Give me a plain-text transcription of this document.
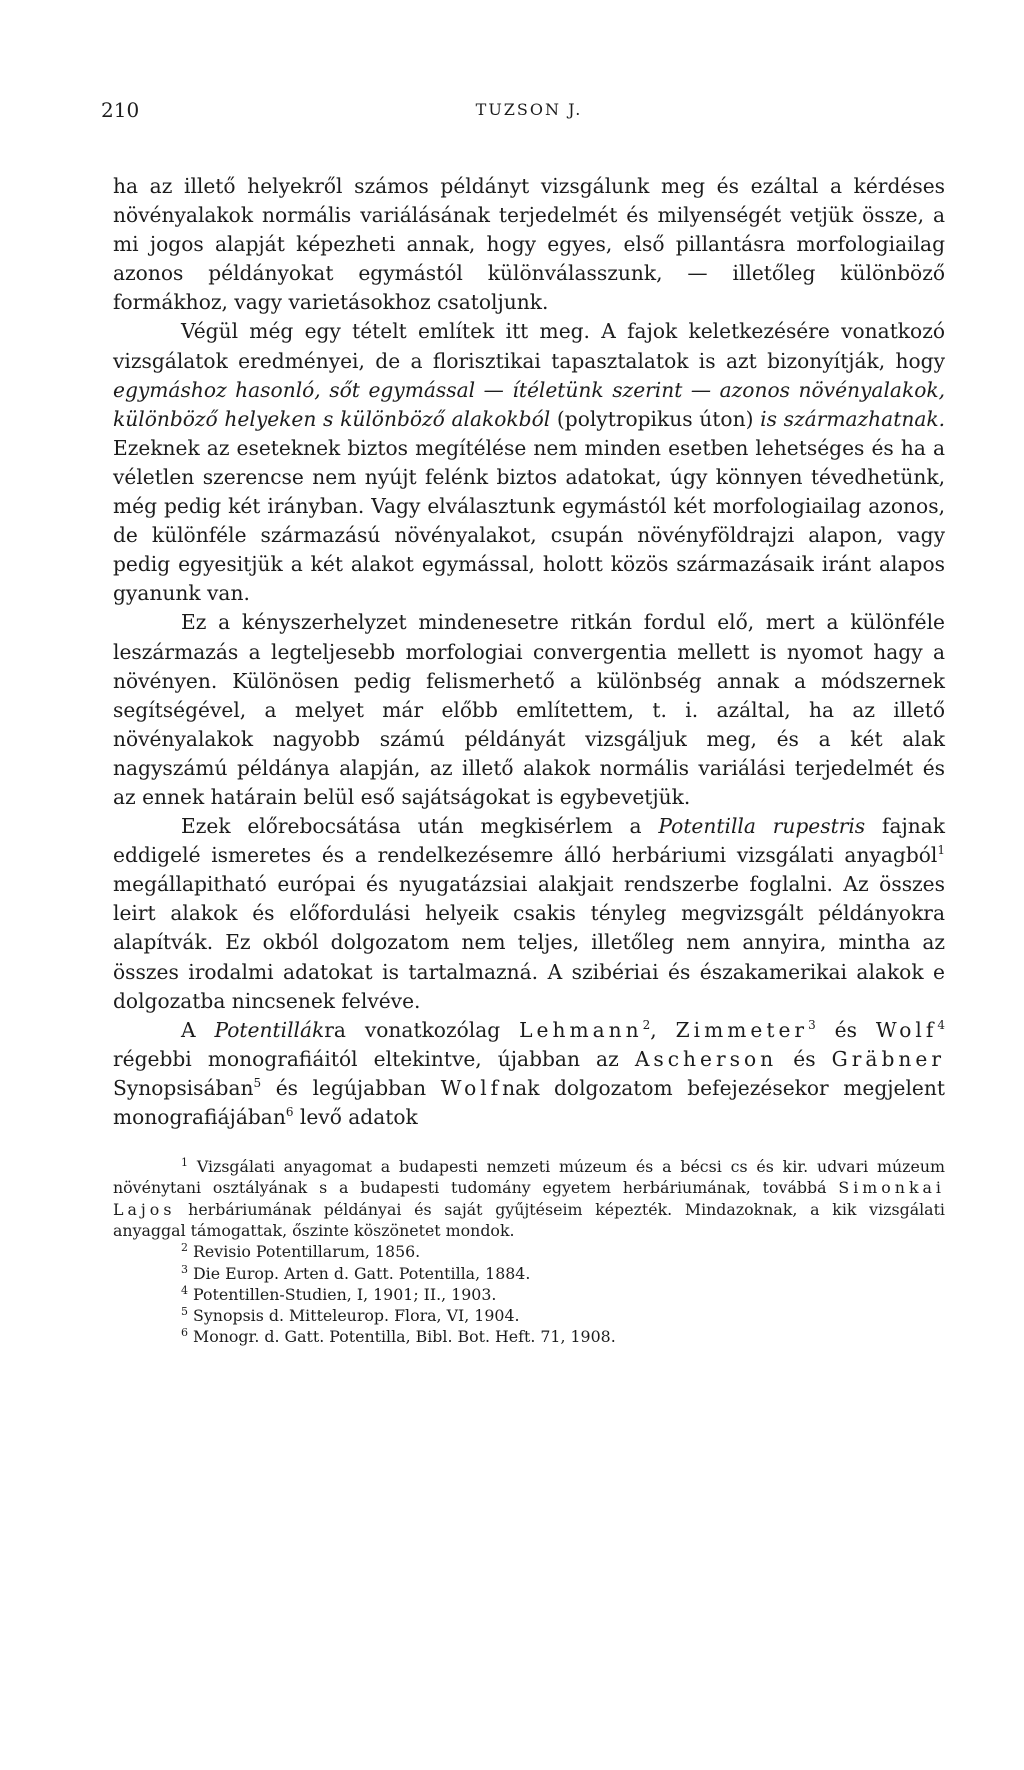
210	TUZSON J.

ha az illető helyekről számos példányt vizsgálunk meg és ezáltal a kérdéses növényalakok normális variálásának terjedelmét és milyenségét vetjük össze, a mi jogos alapját képezheti annak, hogy egyes, első pillantásra morfologiailag azonos példányokat egymástól különválasszunk, — illetőleg különböző formákhoz, vagy varietásokhoz csatoljunk.

Végül még egy tételt említek itt meg. A fajok keletkezésére vonatkozó vizsgálatok eredményei, de a florisztikai tapasztalatok is azt bizonyítják, hogy egymáshoz hasonló, sőt egymással — ítéletünk szerint — azonos növényalakok, különböző helyeken s különböző alakokból (polytropikus úton) is származhatnak. Ezeknek az eseteknek biztos megítélése nem minden esetben lehetséges és ha a véletlen szerencse nem nyújt felénk biztos adatokat, úgy könnyen tévedhetünk, még pedig két irányban. Vagy elválasztunk egymástól két morfologiailag azonos, de különféle származású növényalakot, csupán növényföldrajzi alapon, vagy pedig egyesitjük a két alakot egymással, holott közös származásaik iránt alapos gyanunk van.

Ez a kényszerhelyzet mindenesetre ritkán fordul elő, mert a különféle leszármazás a legteljesebb morfologiai convergentia mellett is nyomot hagy a növényen. Különösen pedig felismerhető a különbség annak a módszernek segítségével, a melyet már előbb említettem, t. i. azáltal, ha az illető növényalakok nagyobb számú példányát vizsgáljuk meg, és a két alak nagyszámú példánya alapján, az illető alakok normális variálási terjedelmét és az ennek határain belül eső sajátságokat is egybevetjük.

Ezek előrebocsátása után megkisérlem a Potentilla rupestris fajnak eddigelé ismeretes és a rendelkezésemre álló herbáriumi vizsgálati anyagból$^1$ megállapitható európai és nyugatázsiai alakjait rendszerbe foglalni. Az összes leirt alakok és előfordulási helyeik csakis tényleg megvizsgált példányokra alapítvák. Ez okból dolgozatom nem teljes, illetőleg nem annyira, mintha az összes irodalmi adatokat is tartalmazná. A szibériai és északamerikai alakok e dolgozatba nincsenek felvéve.

A Potentillákra vonatkozólag Lehmann$^2$, Zimmeter$^3$ és Wolf$^4$ régebbi monografiáitól eltekintve, újabban az Ascherson és Gräbner Synopsisában$^5$ és legújabban Wolfnak dolgozatom befejezésekor megjelent monografiájában$^6$ levő adatok

$^1$ Vizsgálati anyagomat a budapesti nemzeti múzeum és a bécsi cs és kir. udvari múzeum növénytani osztályának s a budapesti tudomány egyetem herbáriumának, továbbá Simonkai Lajos herbáriumának példányai és saját gyűjtéseim képezték. Mindazoknak, a kik vizsgálati anyaggal támogattak, őszinte köszönetet mondok.

$^2$ Revisio Potentillarum, 1856.

$^3$ Die Europ. Arten d. Gatt. Potentilla, 1884.

$^4$ Potentillen-Studien, I, 1901; II., 1903.

$^5$ Synopsis d. Mitteleurop. Flora, VI, 1904.

$^6$ Monogr. d. Gatt. Potentilla, Bibl. Bot. Heft. 71, 1908.
